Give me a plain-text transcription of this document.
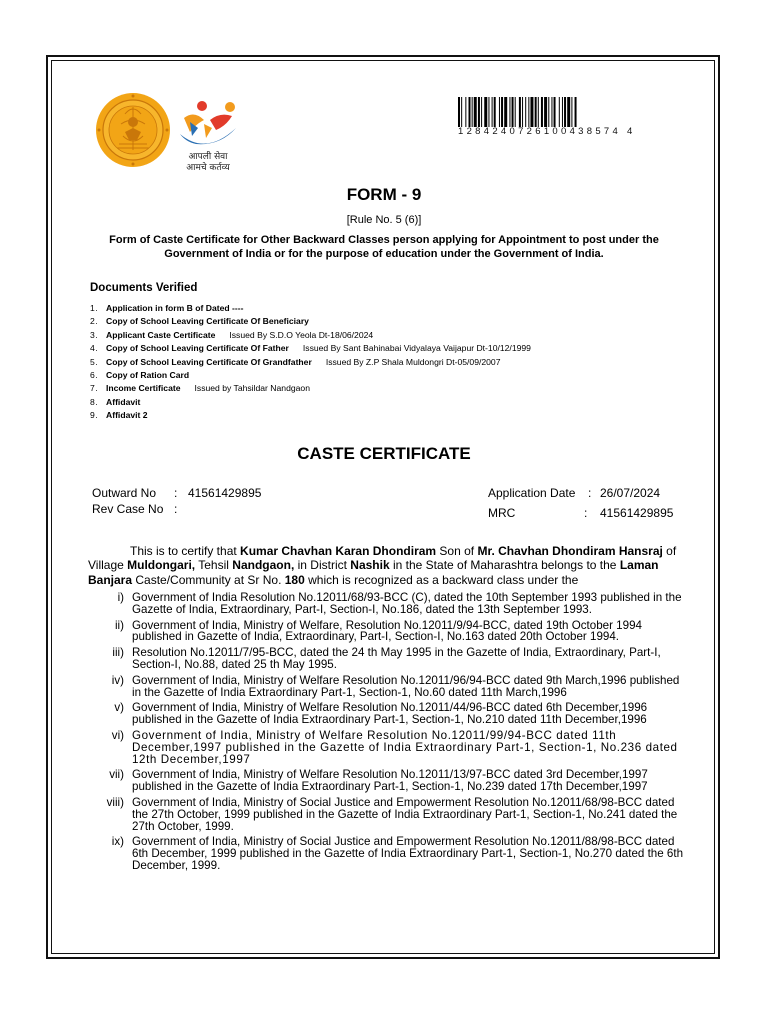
आपली सेवा
आमचे कर्तव्य
1284240726100438574 4
FORM - 9
[Rule No. 5 (6)]
Form of Caste Certificate for Other Backward Classes person applying for Appointment to post under the Government of India or for the purpose of education under the Government of India.
Documents Verified
1. Application in form B of Dated ----
2. Copy of School Leaving Certificate Of Beneficiary
3. Applicant Caste Certificate Issued By S.D.O Yeola Dt-18/06/2024
4. Copy of School Leaving Certificate Of Father Issued By Sant Bahinabai Vidyalaya Vaijapur Dt-10/12/1999
5. Copy of School Leaving Certificate Of Grandfather Issued By Z.P Shala Muldongri Dt-05/09/2007
6. Copy of Ration Card
7. Income Certificate Issued by Tahsildar Nandgaon
8. Affidavit
9. Affidavit 2
CASTE CERTIFICATE
Outward No : 41561429895
Rev Case No :
Application Date : 26/07/2024
MRC	: 41561429895
This is to certify that Kumar Chavhan Karan Dhondiram Son of Mr. Chavhan Dhondiram Hansraj of Village Muldongari, Tehsil Nandgaon, in District Nashik in the State of Maharashtra belongs to the Laman Banjara Caste/Community at Sr No. 180 which is recognized as a backward class under the
i) Government of India Resolution No.12011/68/93-BCC (C), dated the 10th September 1993 published in the Gazette of India, Extraordinary, Part-I, Section-I, No.186, dated the 13th September 1993.
ii) Government of India, Ministry of Welfare, Resolution No.12011/9/94-BCC, dated 19th October 1994 published in Gazette of India, Extraordinary, Part-I, Section-I, No.163 dated 20th October 1994.
iii) Resolution No.12011/7/95-BCC, dated the 24 th May 1995 in the Gazette of India, Extraordinary, Part-I, Section-I, No.88, dated 25 th May 1995.
iv) Government of India, Ministry of Welfare Resolution No.12011/96/94-BCC dated 9th March,1996 published in the Gazette of India Extraordinary Part-1, Section-1, No.60 dated 11th March,1996
v) Government of India, Ministry of Welfare Resolution No.12011/44/96-BCC dated 6th December,1996 published in the Gazette of India Extraordinary Part-1, Section-1, No.210 dated 11th December,1996
vi) Government of India, Ministry of Welfare Resolution No.12011/99/94-BCC dated 11th December,1997 published in the Gazette of India Extraordinary Part-1, Section-1, No.236 dated 12th December,1997
vii) Government of India, Ministry of Welfare Resolution No.12011/13/97-BCC dated 3rd December,1997 published in the Gazette of India Extraordinary Part-1, Section-1, No.239 dated 17th December,1997
viii) Government of India, Ministry of Social Justice and Empowerment Resolution No.12011/68/98-BCC dated the 27th October, 1999 published in the Gazette of India Extraordinary Part-1, Section-1, No.241 dated the 27th October, 1999.
ix) Government of India, Ministry of Social Justice and Empowerment Resolution No.12011/88/98-BCC dated 6th December, 1999 published in the Gazette of India Extraordinary Part-1, Section-1, No.270 dated the 6th December, 1999.
